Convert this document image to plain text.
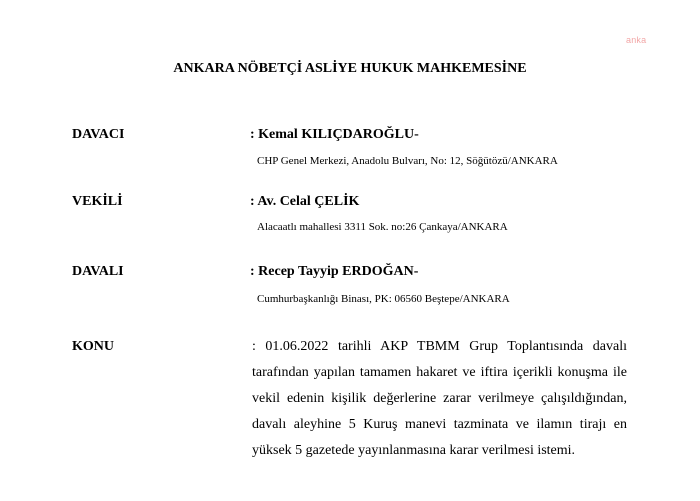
anka
ANKARA NÖBETÇİ ASLİYE HUKUK MAHKEMESİNE
DAVACI	: Kemal KILIÇDAROĞLU-
CHP Genel Merkezi, Anadolu Bulvarı, No: 12, Söğütözü/ANKARA
VEKİLİ	: Av. Celal ÇELİK
Alacaatlı mahallesi 3311 Sok. no:26 Çankaya/ANKARA
DAVALI	: Recep Tayyip ERDOĞAN-
Cumhurbaşkanlığı Binası, PK: 06560 Beştepe/ANKARA
KONU	: 01.06.2022 tarihli AKP TBMM Grup Toplantısında davalı tarafından yapılan tamamen hakaret ve iftira içerikli konuşma ile vekil edenin kişilik değerlerine zarar verilmeye çalışıldığından, davalı aleyhine 5 Kuruş manevi tazminata ve ilamın tirajı en yüksek 5 gazetede yayınlanmasına karar verilmesi istemi.
